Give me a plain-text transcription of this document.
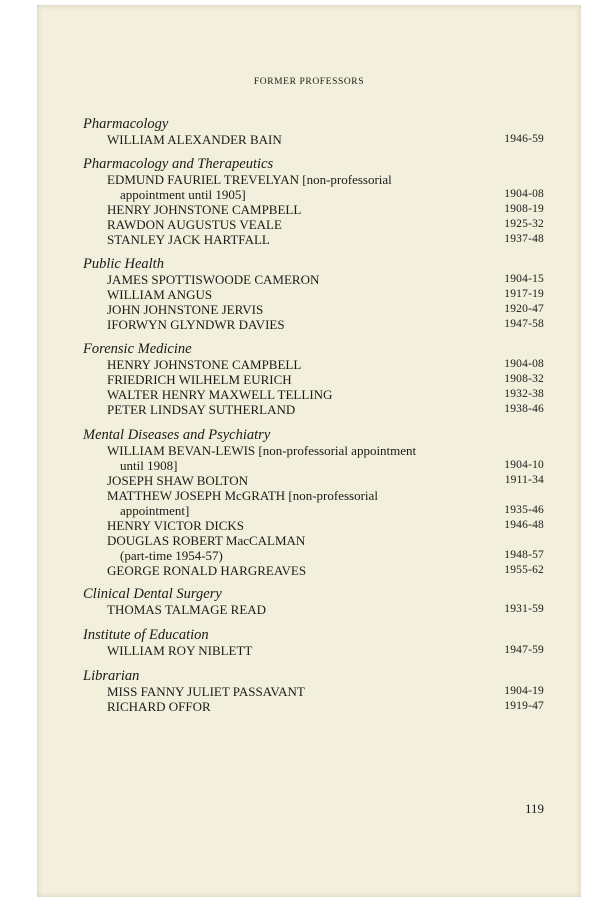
FORMER PROFESSORS
Pharmacology
WILLIAM ALEXANDER BAIN	1946-59
Pharmacology and Therapeutics
EDMUND FAURIEL TREVELYAN [non-professorial
appointment until 1905]	1904-08
HENRY JOHNSTONE CAMPBELL	1908-19
RAWDON AUGUSTUS VEALE	1925-32
STANLEY JACK HARTFALL	1937-48
Public Health
JAMES SPOTTISWOODE CAMERON	1904-15
WILLIAM ANGUS	1917-19
JOHN JOHNSTONE JERVIS	1920-47
IFORWYN GLYNDWR DAVIES	1947-58
Forensic Medicine
HENRY JOHNSTONE CAMPBELL	1904-08
FRIEDRICH WILHELM EURICH	1908-32
WALTER HENRY MAXWELL TELLING	1932-38
PETER LINDSAY SUTHERLAND	1938-46
Mental Diseases and Psychiatry
WILLIAM BEVAN-LEWIS [non-professorial appointment
until 1908]	1904-10
JOSEPH SHAW BOLTON	1911-34
MATTHEW JOSEPH McGRATH [non-professorial
appointment]	1935-46
HENRY VICTOR DICKS	1946-48
DOUGLAS ROBERT MacCALMAN
(part-time 1954-57)	1948-57
GEORGE RONALD HARGREAVES	1955-62
Clinical Dental Surgery
THOMAS TALMAGE READ	1931-59
Institute of Education
WILLIAM ROY NIBLETT	1947-59
Librarian
MISS FANNY JULIET PASSAVANT	1904-19
RICHARD OFFOR	1919-47
119
